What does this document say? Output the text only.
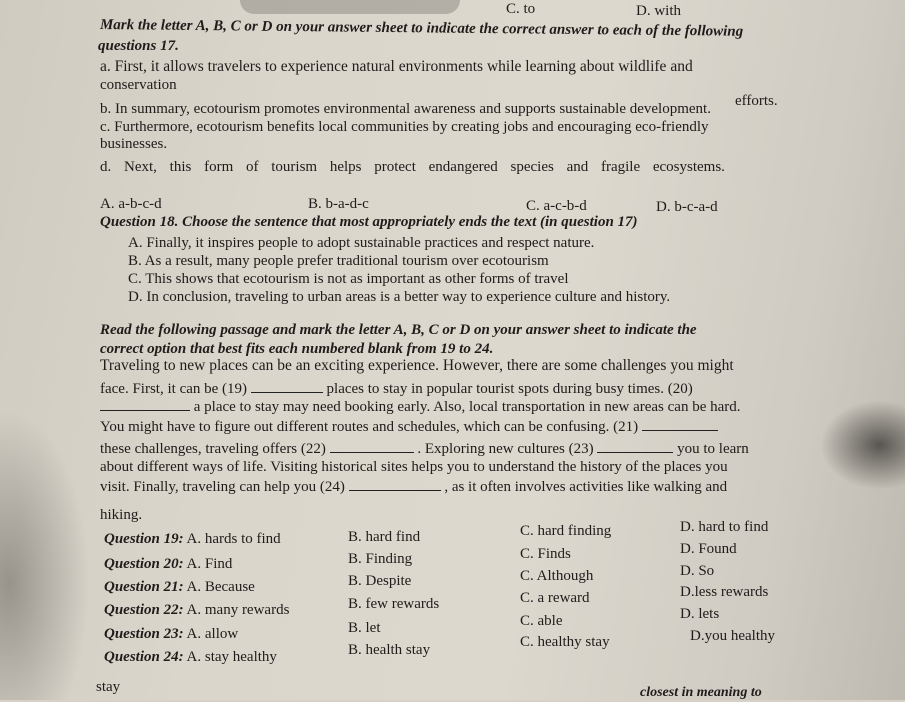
C. to	D. with
Mark the letter A, B, C or D on your answer sheet to indicate the correct answer to each of the following
questions 17.
a. First, it allows travelers to experience natural environments while learning about wildlife and
conservation
efforts.
b. In summary, ecotourism promotes environmental awareness and supports sustainable development.
c. Furthermore, ecotourism benefits local communities by creating jobs and encouraging eco-friendly
businesses.
d. Next, this form of tourism helps protect endangered species and fragile ecosystems.
A. a-b-c-d	B. b-a-d-c	C. a-c-b-d	D. b-c-a-d
Question 18. Choose the sentence that most appropriately ends the text (in question 17)
A. Finally, it inspires people to adopt sustainable practices and respect nature.
B. As a result, many people prefer traditional tourism over ecotourism
C. This shows that ecotourism is not as important as other forms of travel
D. In conclusion, traveling to urban areas is a better way to experience culture and history.
Read the following passage and mark the letter A, B, C or D on your answer sheet to indicate the
correct option that best fits each numbered blank from 19 to 24.
Traveling to new places can be an exciting experience. However, there are some challenges you might
face. First, it can be (19)	places to stay in popular tourist spots during busy times. (20)
a place to stay may need booking early. Also, local transportation in new areas can be hard.
You might have to figure out different routes and schedules, which can be confusing. (21)
these challenges, traveling offers (22)	. Exploring new cultures (23)	you to learn
about different ways of life. Visiting historical sites helps you to understand the history of the places you
visit. Finally, traveling can help you (24)	, as it often involves activities like walking and
hiking.
Question 19: A. hards to find	B. hard find	C. hard finding	D. hard to find
Question 20: A. Find	B. Finding	C. Finds	D. Found
Question 21: A. Because	B. Despite	C. Although	D. So
Question 22: A. many rewards	B. few rewards	C. a reward	D.less rewards
Question 23: A. allow	B. let	C. able	D. lets
Question 24: A. stay healthy	B. health stay	C. healthy stay	D.you healthy
stay	closest in meaning to
